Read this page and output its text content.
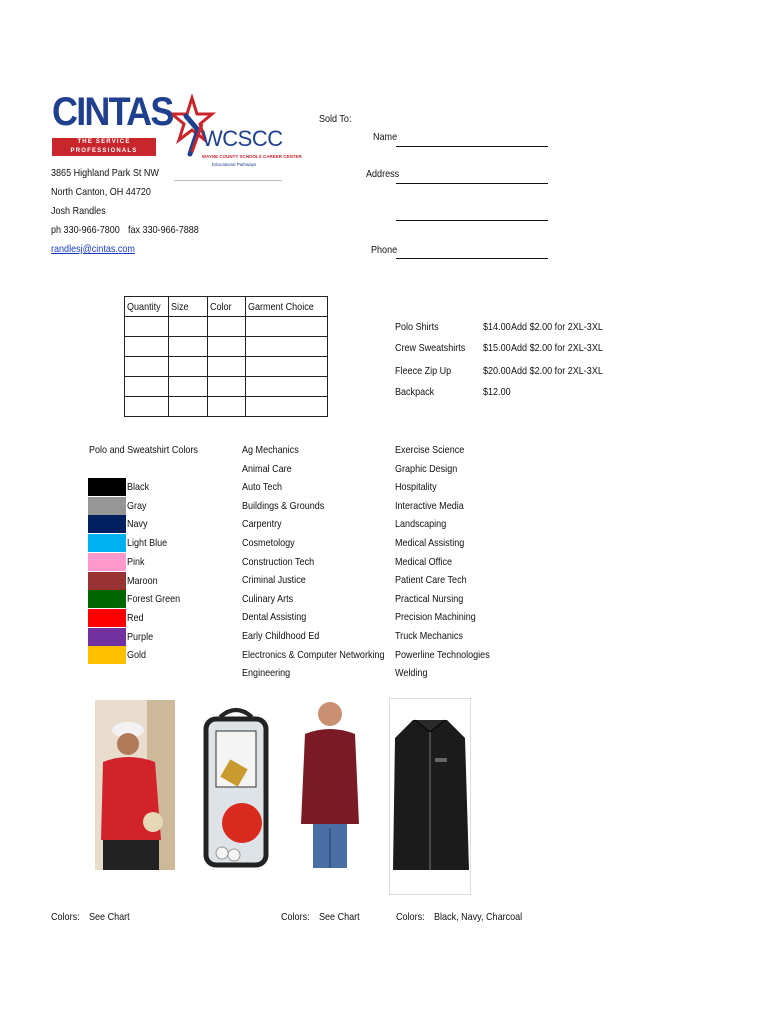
CINTAS
THE SERVICE PROFESSIONALS	WCSCC
WAYNE COUNTY SCHOOLS CAREER CENTER
Educational Pathways
3865 Highland Park St NW
North Canton, OH 44720
Josh Randles
ph 330-966-7800 fax 330-966-7888
randlesj@cintas.com
Sold To:
Name
Address
Phone
Quantity	Size	Color	Garment Choice

Polo Shirts	$14.00 Add $2.00 for 2XL-3XL
Crew Sweatshirts $15.00 Add $2.00 for 2XL-3XL
Fleece Zip Up	$20.00 Add $2.00 for 2XL-3XL
Backpack	$12.00
Polo and Sweatshirt Colors
Black
Gray
Navy
Light Blue
Pink
Maroon
Forest Green
Red
Purple
Gold
Ag Mechanics
Animal Care
Auto Tech
Buildings & Grounds
Carpentry
Cosmetology
Construction Tech
Criminal Justice
Culinary Arts
Dental Assisting
Early Childhood Ed
Electronics & Computer Networking
Engineering
Exercise Science
Graphic Design
Hospitality
Interactive Media
Landscaping
Medical Assisting
Medical Office
Patient Care Tech
Practical Nursing
Precision Machining
Truck Mechanics
Powerline Technologies
Welding
Colors: See Chart	Colors: See Chart	Colors: Black, Navy, Charcoal
